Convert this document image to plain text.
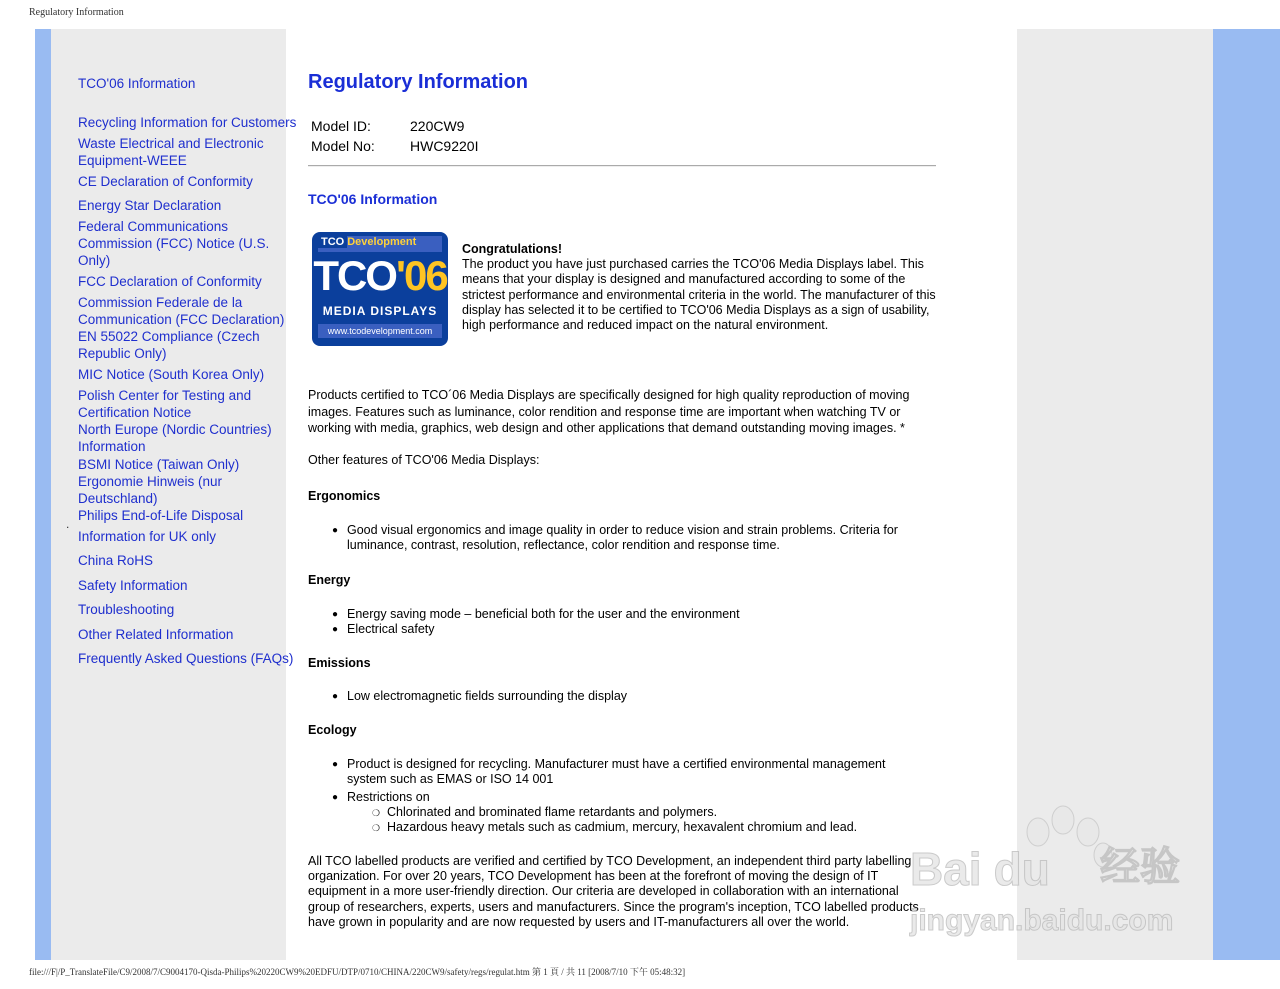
Regulatory Information
.
TCO'06 Information
Recycling Information for Customers
Waste Electrical and Electronic
Equipment-WEEE
CE Declaration of Conformity
Energy Star Declaration
Federal Communications
Commission (FCC) Notice (U.S.
Only)
FCC Declaration of Conformity
Commission Federale de la
Communication (FCC Declaration)
EN 55022 Compliance (Czech
Republic Only)
MIC Notice (South Korea Only)
Polish Center for Testing and
Certification Notice
North Europe (Nordic Countries)
Information
BSMI Notice (Taiwan Only)
Ergonomie Hinweis (nur
Deutschland)
Philips End-of-Life Disposal
Information for UK only
China RoHS
Safety Information
Troubleshooting
Other Related Information
Frequently Asked Questions (FAQs)
Regulatory Information
Model ID:	220CW9
Model No:	HWC9220I
TCO'06 Information
TCO Development
TCO'06
MEDIA DISPLAYS
www.tcodevelopment.com
Congratulations!
The product you have just purchased carries the TCO'06 Media Displays label. This means that your display is designed and manufactured according to some of the strictest performance and environmental criteria in the world. The manufacturer of this display has selected it to be certified to TCO'06 Media Displays as a sign of usability, high performance and reduced impact on the natural environment.
Products certified to TCO´06 Media Displays are specifically designed for high quality reproduction of moving images. Features such as luminance, color rendition and response time are important when watching TV or working with media, graphics, web design and other applications that demand outstanding moving images. *
Other features of TCO'06 Media Displays:
Ergonomics
● Good visual ergonomics and image quality in order to reduce vision and strain problems. Criteria for luminance, contrast, resolution, reflectance, color rendition and response time.
Energy
● Energy saving mode – beneficial both for the user and the environment
● Electrical safety
Emissions
● Low electromagnetic fields surrounding the display
Ecology
● Product is designed for recycling. Manufacturer must have a certified environmental management system such as EMAS or ISO 14 001
● Restrictions on
❍ Chlorinated and brominated flame retardants and polymers.
❍ Hazardous heavy metals such as cadmium, mercury, hexavalent chromium and lead.
All TCO labelled products are verified and certified by TCO Development, an independent third party labelling organization. For over 20 years, TCO Development has been at the forefront of moving the design of IT equipment in a more user-friendly direction. Our criteria are developed in collaboration with an international group of researchers, experts, users and manufacturers. Since the program's inception, TCO labelled products have grown in popularity and are now requested by users and IT-manufacturers all over the world.
Bai du 经验
jingyan.baidu.com
file:///F|/P_TranslateFile/C9/2008/7/C9004170-Qisda-Philips%20220CW9%20EDFU/DTP/0710/CHINA/220CW9/safety/regs/regulat.htm 第 1 頁 / 共 11 [2008/7/10 下午 05:48:32]
